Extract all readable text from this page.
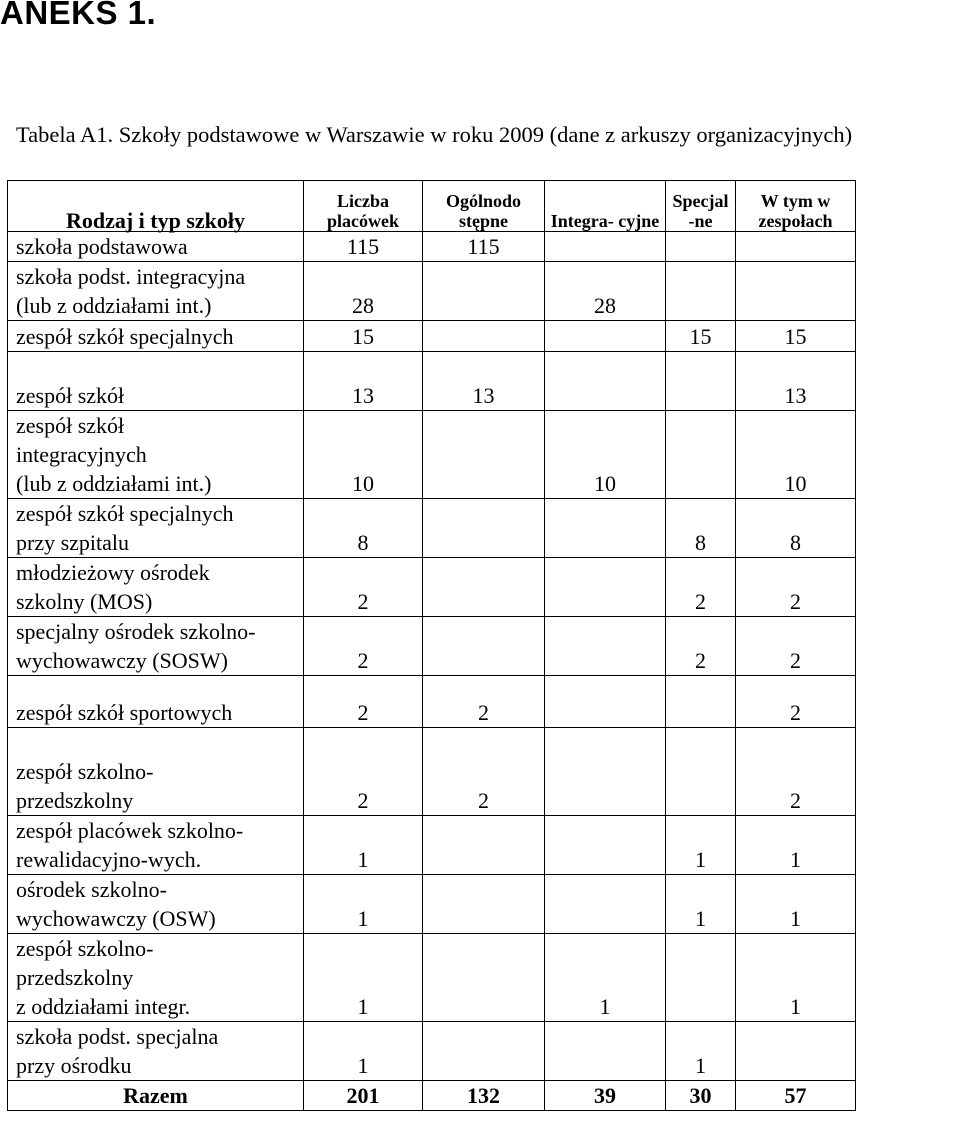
ANEKS 1.
Tabela A1. Szkoły podstawowe w Warszawie w roku 2009 (dane z arkuszy organizacyjnych)
Rodzaj i typ szkoły	Liczba placówek	Ogólnodo stępne	Integra- cyjne	Specjal -ne	W tym w zespołach
szkoła podstawowa	115	115			
szkoła podst. integracyjna
(lub z oddziałami int.)	28		28		
zespół szkół specjalnych	15			15	15
zespół szkół	13	13			13
zespół szkół
integracyjnych
(lub z oddziałami int.)	10		10		10
zespół szkół specjalnych
przy szpitalu	8			8	8
młodzieżowy ośrodek
szkolny (MOS)	2			2	2
specjalny ośrodek szkolno-
wychowawczy (SOSW)	2			2	2
zespół szkół sportowych	2	2			2
zespół szkolno-
przedszkolny	2	2			2
zespół placówek szkolno-
rewalidacyjno-wych.	1			1	1
ośrodek szkolno-
wychowawczy (OSW)	1			1	1
zespół szkolno-
przedszkolny
z oddziałami integr.	1		1		1
szkoła podst. specjalna
przy ośrodku	1			1	
Razem	201	132	39	30	57
